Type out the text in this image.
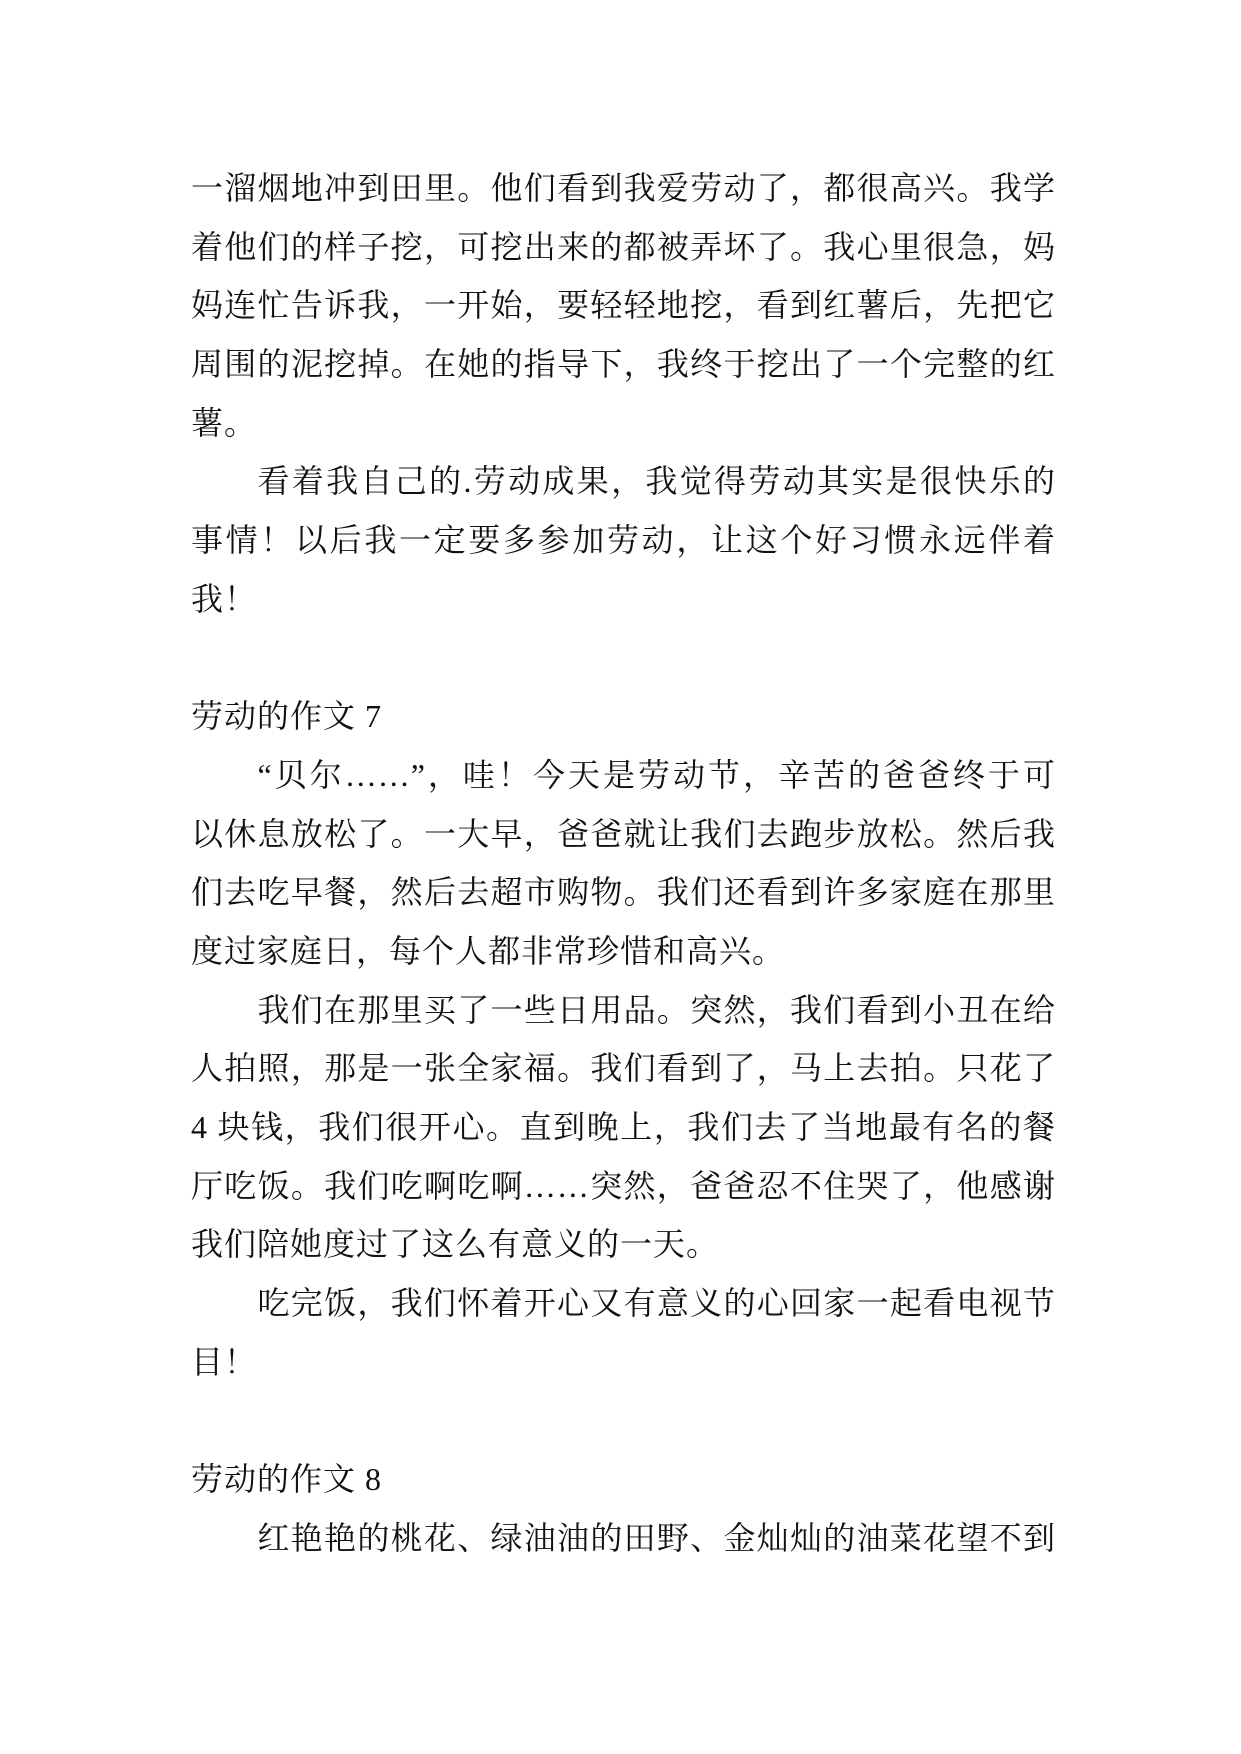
一溜烟地冲到田里。他们看到我爱劳动了，都很高兴。我学
着他们的样子挖，可挖出来的都被弄坏了。我心里很急，妈
妈连忙告诉我，一开始，要轻轻地挖，看到红薯后，先把它
周围的泥挖掉。在她的指导下，我终于挖出了一个完整的红
薯。
看着我自己的.劳动成果，我觉得劳动其实是很快乐的
事情！以后我一定要多参加劳动，让这个好习惯永远伴着
我！
劳动的作文 7
“贝尔……”，哇！今天是劳动节，辛苦的爸爸终于可
以休息放松了。一大早，爸爸就让我们去跑步放松。然后我
们去吃早餐，然后去超市购物。我们还看到许多家庭在那里
度过家庭日，每个人都非常珍惜和高兴。
我们在那里买了一些日用品。突然，我们看到小丑在给
人拍照，那是一张全家福。我们看到了，马上去拍。只花了
4 块钱，我们很开心。直到晚上，我们去了当地最有名的餐
厅吃饭。我们吃啊吃啊……突然，爸爸忍不住哭了，他感谢
我们陪她度过了这么有意义的一天。
吃完饭，我们怀着开心又有意义的心回家一起看电视节
目！
劳动的作文 8
红艳艳的桃花、绿油油的田野、金灿灿的油菜花望不到
